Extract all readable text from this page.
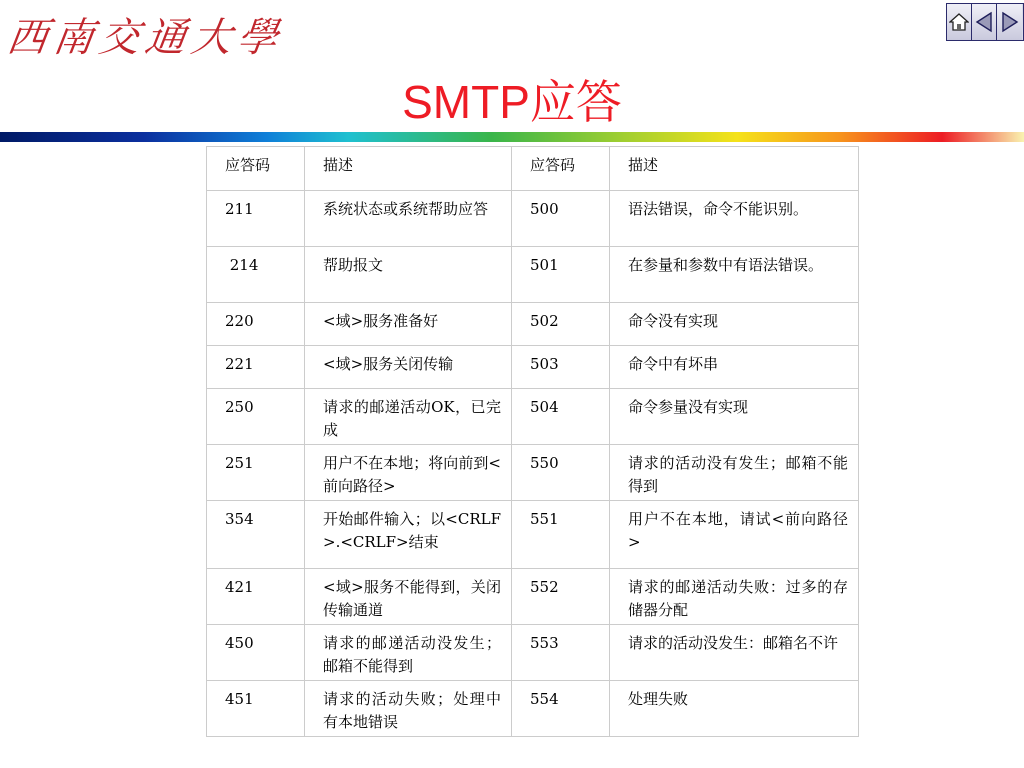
西南交通大學
SMTP应答
应答码	描述	应答码	描述
211	系统状态或系统帮助应答	500	语法错误，命令不能识别。
214	帮助报文	501	在参量和参数中有语法错误。
220	<域>服务准备好	502	命令没有实现
221	<域>服务关闭传输	503	命令中有坏串
250	请求的邮递活动OK，已完成	504	命令参量没有实现
251	用户不在本地；将向前到<前向路径>	550	请求的活动没有发生；邮箱不能得到
354	开始邮件输入；以<CRLF>.<CRLF>结束	551	用户不在本地，请试<前向路径>
421	<域>服务不能得到，关闭传输通道	552	请求的邮递活动失败：过多的存储器分配
450	请求的邮递活动没发生；邮箱不能得到	553	请求的活动没发生：邮箱名不许
451	请求的活动失败；处理中有本地错误	554	处理失败
